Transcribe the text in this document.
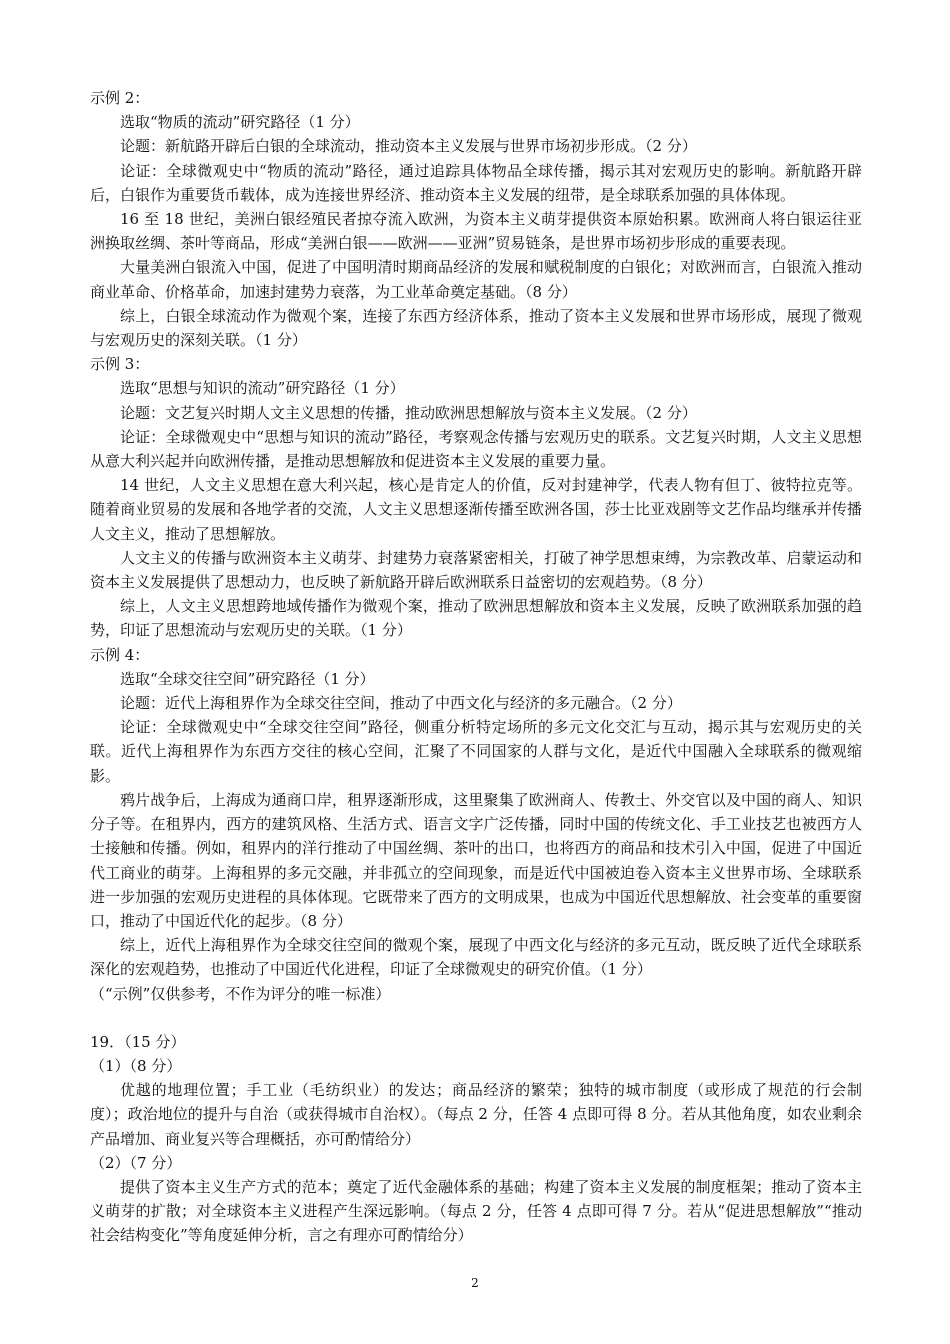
示例 2：

选取“物质的流动”研究路径（1 分）

论题：新航路开辟后白银的全球流动，推动资本主义发展与世界市场初步形成。（2 分）

论证：全球微观史中“物质的流动”路径，通过追踪具体物品全球传播，揭示其对宏观历史的影响。新航路开辟后，白银作为重要货币载体，成为连接世界经济、推动资本主义发展的纽带，是全球联系加强的具体体现。

16 至 18 世纪，美洲白银经殖民者掠夺流入欧洲，为资本主义萌芽提供资本原始积累。欧洲商人将白银运往亚洲换取丝绸、茶叶等商品，形成“美洲白银——欧洲——亚洲”贸易链条，是世界市场初步形成的重要表现。

大量美洲白银流入中国，促进了中国明清时期商品经济的发展和赋税制度的白银化；对欧洲而言，白银流入推动商业革命、价格革命，加速封建势力衰落，为工业革命奠定基础。（8 分）

综上，白银全球流动作为微观个案，连接了东西方经济体系，推动了资本主义发展和世界市场形成，展现了微观与宏观历史的深刻关联。（1 分）

示例 3：

选取“思想与知识的流动”研究路径（1 分）

论题：文艺复兴时期人文主义思想的传播，推动欧洲思想解放与资本主义发展。（2 分）

论证：全球微观史中“思想与知识的流动”路径，考察观念传播与宏观历史的联系。文艺复兴时期，人文主义思想从意大利兴起并向欧洲传播，是推动思想解放和促进资本主义发展的重要力量。

14 世纪，人文主义思想在意大利兴起，核心是肯定人的价值，反对封建神学，代表人物有但丁、彼特拉克等。随着商业贸易的发展和各地学者的交流，人文主义思想逐渐传播至欧洲各国，莎士比亚戏剧等文艺作品均继承并传播人文主义，推动了思想解放。

人文主义的传播与欧洲资本主义萌芽、封建势力衰落紧密相关，打破了神学思想束缚，为宗教改革、启蒙运动和资本主义发展提供了思想动力，也反映了新航路开辟后欧洲联系日益密切的宏观趋势。（8 分）

综上，人文主义思想跨地域传播作为微观个案，推动了欧洲思想解放和资本主义发展，反映了欧洲联系加强的趋势，印证了思想流动与宏观历史的关联。（1 分）

示例 4：

选取“全球交往空间”研究路径（1 分）

论题：近代上海租界作为全球交往空间，推动了中西文化与经济的多元融合。（2 分）

论证：全球微观史中“全球交往空间”路径，侧重分析特定场所的多元文化交汇与互动，揭示其与宏观历史的关联。近代上海租界作为东西方交往的核心空间，汇聚了不同国家的人群与文化，是近代中国融入全球联系的微观缩影。

鸦片战争后，上海成为通商口岸，租界逐渐形成，这里聚集了欧洲商人、传教士、外交官以及中国的商人、知识分子等。在租界内，西方的建筑风格、生活方式、语言文字广泛传播，同时中国的传统文化、手工业技艺也被西方人士接触和传播。例如，租界内的洋行推动了中国丝绸、茶叶的出口，也将西方的商品和技术引入中国，促进了中国近代工商业的萌芽。上海租界的多元交融，并非孤立的空间现象，而是近代中国被迫卷入资本主义世界市场、全球联系进一步加强的宏观历史进程的具体体现。它既带来了西方的文明成果，也成为中国近代思想解放、社会变革的重要窗口，推动了中国近代化的起步。（8 分）

综上，近代上海租界作为全球交往空间的微观个案，展现了中西文化与经济的多元互动，既反映了近代全球联系深化的宏观趋势，也推动了中国近代化进程，印证了全球微观史的研究价值。（1 分）

（“示例”仅供参考，不作为评分的唯一标准）

19．（15 分）

（1）（8 分）

优越的地理位置；手工业（毛纺织业）的发达；商品经济的繁荣；独特的城市制度（或形成了规范的行会制度）；政治地位的提升与自治（或获得城市自治权）。（每点 2 分，任答 4 点即可得 8 分。若从其他角度，如农业剩余产品增加、商业复兴等合理概括，亦可酌情给分）

（2）（7 分）

提供了资本主义生产方式的范本；奠定了近代金融体系的基础；构建了资本主义发展的制度框架；推动了资本主义萌芽的扩散；对全球资本主义进程产生深远影响。（每点 2 分，任答 4 点即可得 7 分。若从“促进思想解放”“推动社会结构变化”等角度延伸分析，言之有理亦可酌情给分）

2
